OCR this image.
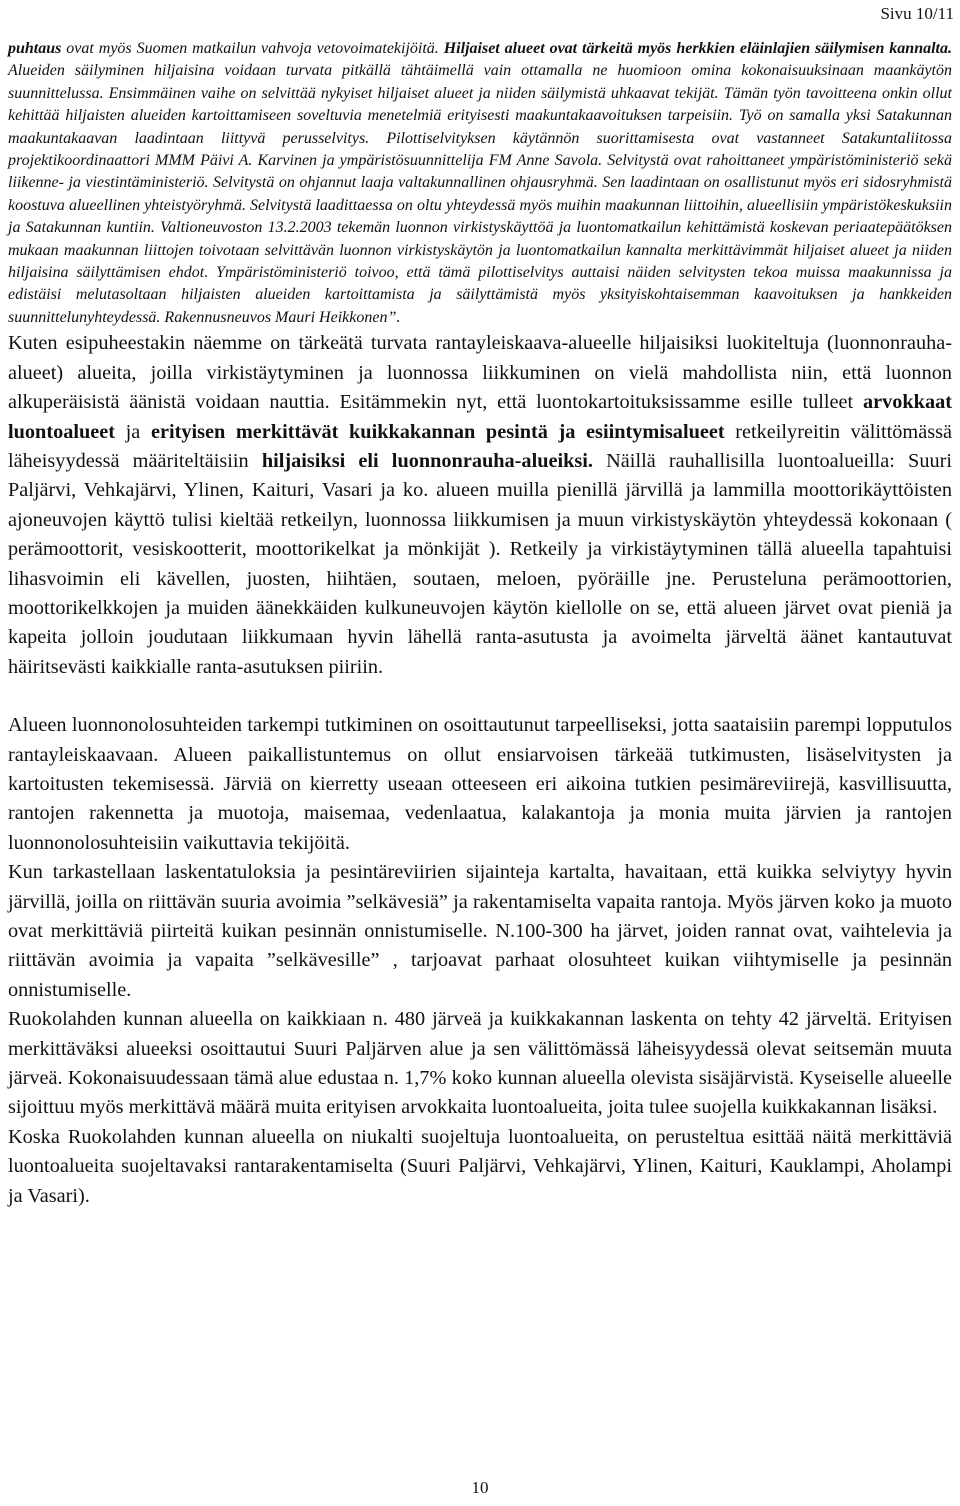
Sivu 10/11

puhtaus ovat myös Suomen matkailun vahvoja vetovoimatekijöitä. Hiljaiset alueet ovat tärkeitä myös herkkien eläinlajien säilymisen kannalta. Alueiden säilyminen hiljaisina voidaan turvata pitkällä tähtäimellä vain ottamalla ne huomioon omina kokonaisuuksinaan maankäytön suunnittelussa. Ensimmäinen vaihe on selvittää nykyiset hiljaiset alueet ja niiden säilymistä uhkaavat tekijät. Tämän työn tavoitteena onkin ollut kehittää hiljaisten alueiden kartoittamiseen soveltuvia menetelmiä erityisesti maakuntakaavoituksen tarpeisiin. Työ on samalla yksi Satakunnan maakuntakaavan laadintaan liittyvä perusselvitys. Pilottiselvityksen käytännön suorittamisesta ovat vastanneet Satakuntaliitossa projektikoordinaattori MMM Päivi A. Karvinen ja ympäristösuunnittelija FM Anne Savola. Selvitystä ovat rahoittaneet ympäristöministeriö sekä liikenne- ja viestintäministeriö. Selvitystä on ohjannut laaja valtakunnallinen ohjausryhmä. Sen laadintaan on osallistunut myös eri sidosryhmistä koostuva alueellinen yhteistyöryhmä. Selvitystä laadittaessa on oltu yhteydessä myös muihin maakunnan liittoihin, alueellisiin ympäristökeskuksiin ja Satakunnan kuntiin. Valtioneuvoston 13.2.2003 tekemän luonnon virkistyskäyttöä ja luontomatkailun kehittämistä koskevan periaatepäätöksen mukaan maakunnan liittojen toivotaan selvittävän luonnon virkistyskäytön ja luontomatkailun kannalta merkittävimmät hiljaiset alueet ja niiden hiljaisina säilyttämisen ehdot. Ympäristöministeriö toivoo, että tämä pilottiselvitys auttaisi näiden selvitysten tekoa muissa maakunnissa ja edistäisi melutasoltaan hiljaisten alueiden kartoittamista ja säilyttämistä myös yksityiskohtaisemman kaavoituksen ja hankkeiden suunnittelunyhteydessä. Rakennusneuvos Mauri Heikkonen”.

Kuten esipuheestakin näemme on tärkeätä turvata rantayleiskaava-alueelle hiljaisiksi luokiteltuja (luonnonrauha-alueet) alueita, joilla virkistäytyminen ja luonnossa liikkuminen on vielä mahdollista niin, että luonnon alkuperäisistä äänistä voidaan nauttia. Esitämmekin nyt, että luontokartoituksissamme esille tulleet arvokkaat luontoalueet ja erityisen merkittävät kuikkakannan pesintä ja esiintymisalueet retkeilyreitin välittömässä läheisyydessä määriteltäisiin hiljaisiksi eli luonnonrauha-alueiksi. Näillä rauhallisilla luontoalueilla: Suuri Paljärvi, Vehkajärvi, Ylinen, Kaituri, Vasari ja ko. alueen muilla pienillä järvillä ja lammilla moottorikäyttöisten ajoneuvojen käyttö tulisi kieltää retkeilyn, luonnossa liikkumisen ja muun virkistyskäytön yhteydessä kokonaan ( perämoottorit, vesiskootterit, moottorikelkat ja mönkijät ). Retkeily ja virkistäytyminen tällä alueella tapahtuisi lihasvoimin eli kävellen, juosten, hiihtäen, soutaen, meloen, pyöräille jne. Perusteluna perämoottorien, moottorikelkkojen ja muiden äänekkäiden kulkuneuvojen käytön kiellolle on se, että alueen järvet ovat pieniä ja kapeita jolloin joudutaan liikkumaan hyvin lähellä ranta-asutusta ja avoimelta järveltä äänet kantautuvat häiritsevästi kaikkialle ranta-asutuksen piiriin.

Alueen luonnonolosuhteiden tarkempi tutkiminen on osoittautunut tarpeelliseksi, jotta saataisiin parempi lopputulos rantayleiskaavaan. Alueen paikallistuntemus on ollut ensiarvoisen tärkeää tutkimusten, lisäselvitysten ja kartoitusten tekemisessä. Järviä on kierretty useaan otteeseen eri aikoina tutkien pesimäreviirejä, kasvillisuutta, rantojen rakennetta ja muotoja, maisemaa, vedenlaatua, kalakantoja ja monia muita järvien ja rantojen luonnonolosuhteisiin vaikuttavia tekijöitä.

Kun tarkastellaan laskentatuloksia ja pesintäreviirien sijainteja kartalta, havaitaan, että kuikka selviytyy hyvin järvillä, joilla on riittävän suuria avoimia ”selkävesiä” ja rakentamiselta vapaita rantoja. Myös järven koko ja muoto ovat merkittäviä piirteitä kuikan pesinnän onnistumiselle. N.100-300 ha järvet, joiden rannat ovat, vaihtelevia ja riittävän avoimia ja vapaita ”selkävesille” , tarjoavat parhaat olosuhteet kuikan viihtymiselle ja pesinnän onnistumiselle.

Ruokolahden kunnan alueella on kaikkiaan n. 480 järveä ja kuikkakannan laskenta on tehty 42 järveltä. Erityisen merkittäväksi alueeksi osoittautui Suuri Paljärven alue ja sen välittömässä läheisyydessä olevat seitsemän muuta järveä. Kokonaisuudessaan tämä alue edustaa n. 1,7% koko kunnan alueella olevista sisäjärvistä. Kyseiselle alueelle sijoittuu myös merkittävä määrä muita erityisen arvokkaita luontoalueita, joita tulee suojella kuikkakannan lisäksi.

Koska Ruokolahden kunnan alueella on niukalti suojeltuja luontoalueita, on perusteltua esittää näitä merkittäviä luontoalueita suojeltavaksi rantarakentamiselta (Suuri Paljärvi, Vehkajärvi, Ylinen, Kaituri, Kauklampi, Aholampi ja Vasari).

10
